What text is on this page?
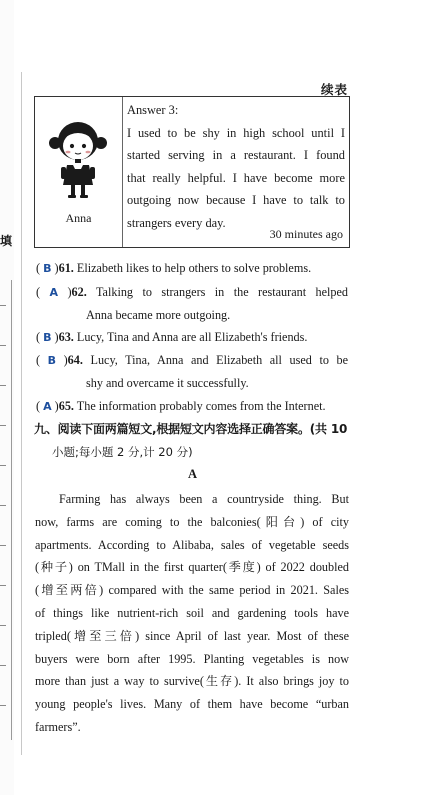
填
续表
Anna

Answer 3:

I used to be shy in high school until I

started serving in a restaurant. I found

that really helpful. I have become more

outgoing now because I have to talk to

strangers every day.

30 minutes ago
( B )61. Elizabeth likes to help others to solve problems.
( A )62. Talking to strangers in the restaurant helped
Anna became more outgoing.
( B )63. Lucy, Tina and Anna are all Elizabeth's friends.
( B )64. Lucy, Tina, Anna and Elizabeth all used to be
shy and overcame it successfully.
( A )65. The information probably comes from the Internet.
九、阅读下面两篇短文,根据短文内容选择正确答案。(共 10
小题;每小题 2 分,计 20 分)
A

Farming has always been a countryside thing. But

now, farms are coming to the balconies(阳台) of city

apartments. According to Alibaba, sales of vegetable seeds

(种子) on TMall in the first quarter(季度) of 2022 doubled

(增至两倍) compared with the same period in 2021. Sales

of things like nutrient-rich soil and gardening tools have

tripled(增至三倍) since April of last year. Most of these

buyers were born after 1995. Planting vegetables is now

more than just a way to survive(生存). It also brings joy to

young people's lives. Many of them have become “urban

farmers”.
